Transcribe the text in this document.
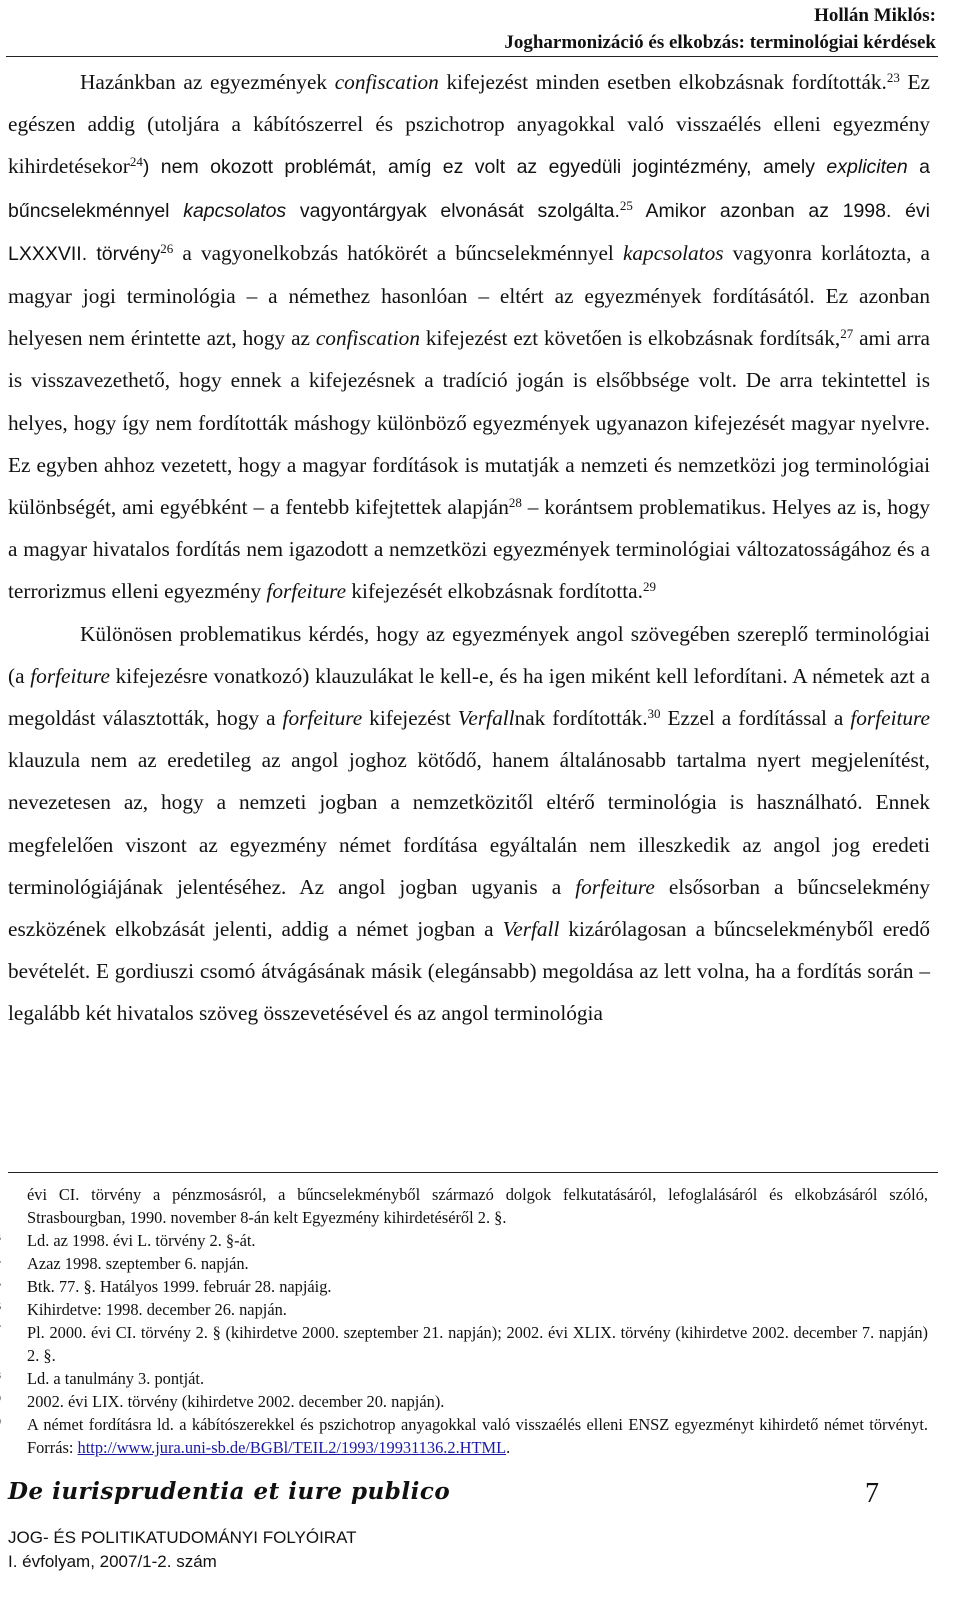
Hollán Miklós:
Jogharmonizáció és elkobzás: terminológiai kérdések

Hazánkban az egyezmények confiscation kifejezést minden esetben elkobzásnak fordították.$^{23}$ Ez egészen addig (utoljára a kábítószerrel és pszichotrop anyagokkal való visszaélés elleni egyezmény kihirdetésekor$^{24}$) nem okozott problémát, amíg ez volt az egyedüli jogintézmény, amely expliciten a bűncselekménnyel kapcsolatos vagyontárgyak elvonását szolgálta.$^{25}$ Amikor azonban az 1998. évi LXXXVII. törvény$^{26}$ a vagyonelkobzás hatókörét a bűncselekménnyel kapcsolatos vagyonra korlátozta, a magyar jogi terminológia – a némethez hasonlóan – eltért az egyezmények fordításától. Ez azonban helyesen nem érintette azt, hogy az confiscation kifejezést ezt követően is elkobzásnak fordítsák,$^{27}$ ami arra is visszavezethető, hogy ennek a kifejezésnek a tradíció jogán is elsőbbsége volt. De arra tekintettel is helyes, hogy így nem fordították máshogy különböző egyezmények ugyanazon kifejezését magyar nyelvre. Ez egyben ahhoz vezetett, hogy a magyar fordítások is mutatják a nemzeti és nemzetközi jog terminológiai különbségét, ami egyébként – a fentebb kifejtettek alapján$^{28}$ – korántsem problematikus. Helyes az is, hogy a magyar hivatalos fordítás nem igazodott a nemzetközi egyezmények terminológiai változatosságához és a terrorizmus elleni egyezmény forfeiture kifejezését elkobzásnak fordította.$^{29}$

Különösen problematikus kérdés, hogy az egyezmények angol szövegében szereplő terminológiai (a forfeiture kifejezésre vonatkozó) klauzulákat le kell-e, és ha igen miként kell lefordítani. A németek azt a megoldást választották, hogy a forfeiture kifejezést Verfallnak fordították.$^{30}$ Ezzel a fordítással a forfeiture klauzula nem az eredetileg az angol joghoz kötődő, hanem általánosabb tartalma nyert megjelenítést, nevezetesen az, hogy a nemzeti jogban a nemzetközitől eltérő terminológia is használható. Ennek megfelelően viszont az egyezmény német fordítása egyáltalán nem illeszkedik az angol jog eredeti terminológiájának jelentéséhez. Az angol jogban ugyanis a forfeiture elsősorban a bűncselekmény eszközének elkobzását jelenti, addig a német jogban a Verfall kizárólagosan a bűncselekményből eredő bevételét. E gordiuszi csomó átvágásának másik (elegánsabb) megoldása az lett volna, ha a fordítás során – legalább két hivatalos szöveg összevetésével és az angol terminológia

évi CI. törvény a pénzmosásról, a bűncselekményből származó dolgok felkutatásáról, lefoglalásáról és elkobzásáról szóló, Strasbourgban, 1990. november 8-án kelt Egyezmény kihirdetéséről 2. §.

Ld. az 1998. évi L. törvény 2. §-át.

Azaz 1998. szeptember 6. napján.

Btk. 77. §. Hatályos 1999. február 28. napjáig.

Kihirdetve: 1998. december 26. napján.

Pl. 2000. évi CI. törvény 2. § (kihirdetve 2000. szeptember 21. napján); 2002. évi XLIX. törvény (kihirdetve 2002. december 7. napján) 2. §.

Ld. a tanulmány 3. pontját.

2002. évi LIX. törvény (kihirdetve 2002. december 20. napján).

A német fordításra ld. a kábítószerekkel és pszichotrop anyagokkal való visszaélés elleni ENSZ egyezményt kihirdető német törvényt. Forrás: http://www.jura.uni-sb.de/BGBl/TEIL2/1993/19931136.2.HTML.

De iurisprudentia et iure publico	7
JOG- ÉS POLITIKATUDOMÁNYI FOLYÓIRAT
I. évfolyam, 2007/1-2. szám
